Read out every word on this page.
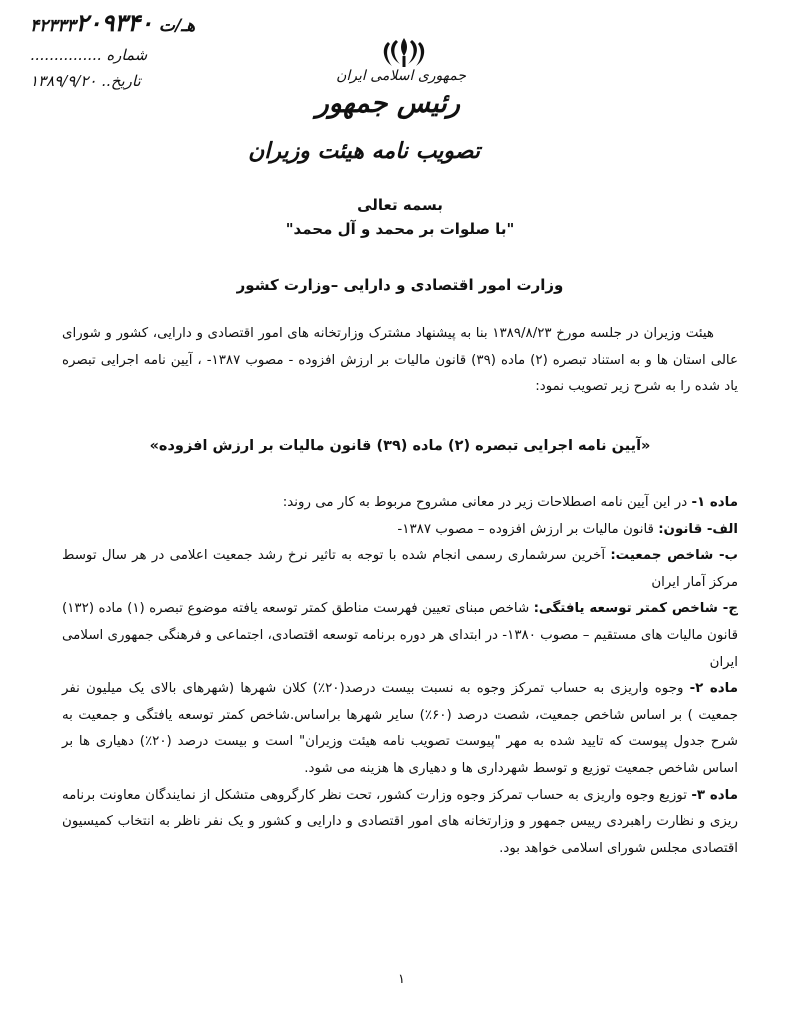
۴۲۳۳۳هـ/ت ۲۰۹۳۴۰
............... شماره
۱۳۸۹/۹/۲۰ ..تاریخ	جمهوری اسلامی ایران
رئیس جمهور
تصویب نامه هیئت وزیران
بسمه تعالی
"با صلوات بر محمد و آل محمد"
وزارت امور اقتصادی و دارایی –وزارت کشور
هیئت وزیران در جلسه مورخ ۱۳۸۹/۸/۲۳ بنا به پیشنهاد مشترک وزارتخانه های امور اقتصادی و دارایی، کشور و شورای عالی استان ها و به استناد تبصره (۲) ماده (۳۹) قانون مالیات بر ارزش افزوده - مصوب ۱۳۸۷- ، آیین نامه اجرایی تبصره یاد شده را به شرح زیر تصویب نمود:
«آیین نامه اجرایی تبصره (۲) ماده (۳۹) قانون مالیات بر ارزش افزوده»

ماده ۱- در این آیین نامه اصطلاحات زیر در معانی مشروح مربوط به کار می روند:

الف- قانون: قانون مالیات بر ارزش افزوده – مصوب ۱۳۸۷-

ب- شاخص جمعیت: آخرین سرشماری رسمی انجام شده با توجه به تاثیر نرخ رشد جمعیت اعلامی در هر سال توسط مرکز آمار ایران

ج- شاخص کمتر توسعه یافتگی: شاخص مبنای تعیین فهرست مناطق کمتر توسعه یافته موضوع تبصره (۱) ماده (۱۳۲) قانون مالیات های مستقیم – مصوب ۱۳۸۰- در ابتدای هر دوره برنامه توسعه اقتصادی، اجتماعی و فرهنگی جمهوری اسلامی ایران

ماده ۲- وجوه واریزی به حساب تمرکز وجوه به نسبت بیست درصد(۲۰٪) کلان شهرها (شهرهای بالای یک میلیون نفر جمعیت ) بر اساس شاخص جمعیت، شصت درصد (۶۰٪) سایر شهرها براساس.شاخص کمتر توسعه یافتگی و جمعیت به شرح جدول پیوست که تایید شده به مهر "پیوست تصویب نامه هیئت وزیران" است و بیست درصد (۲۰٪) دهیاری ها بر اساس شاخص جمعیت توزیع و توسط شهرداری ها و دهیاری ها هزینه می شود.

ماده ۳- توزیع وجوه واریزی به حساب تمرکز وجوه وزارت کشور، تحت نظر کارگروهی متشکل از نمایندگان معاونت برنامه ریزی و نظارت راهبردی رییس جمهور و وزارتخانه های امور اقتصادی و دارایی و کشور و یک نفر ناظر به انتخاب کمیسیون اقتصادی مجلس شورای اسلامی خواهد بود.

۱
